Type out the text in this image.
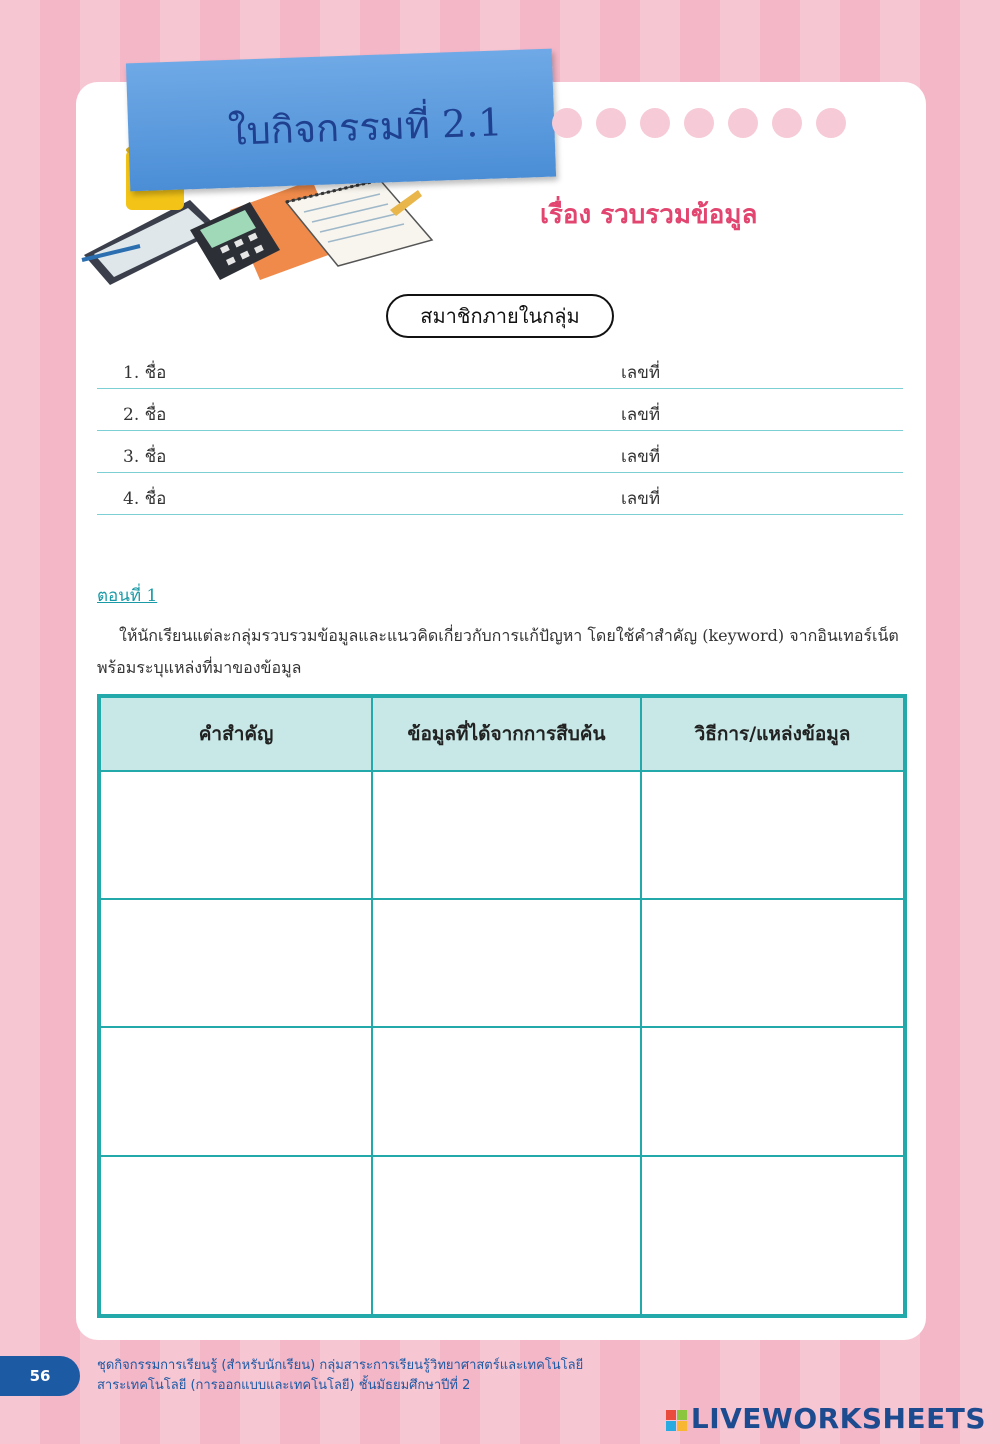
ใบกิจกรรมที่ 2.1
เรื่อง รวบรวมข้อมูล
สมาชิกภายในกลุ่ม
1. ชื่อ	เลขที่
2. ชื่อ	เลขที่
3. ชื่อ	เลขที่
4. ชื่อ	เลขที่
ตอนที่ 1

ให้นักเรียนแต่ละกลุ่มรวบรวมข้อมูลและแนวคิดเกี่ยวกับการแก้ปัญหา โดยใช้คำสำคัญ (keyword) จากอินเทอร์เน็ต พร้อมระบุแหล่งที่มาของข้อมูล

คำสำคัญ	ข้อมูลที่ได้จากการสืบค้น	วิธีการ/แหล่งข้อมูล

56
ชุดกิจกรรมการเรียนรู้ (สำหรับนักเรียน) กลุ่มสาระการเรียนรู้วิทยาศาสตร์และเทคโนโลยี
สาระเทคโนโลยี (การออกแบบและเทคโนโลยี) ชั้นมัธยมศึกษาปีที่ 2
LIVEWORKSHEETS
